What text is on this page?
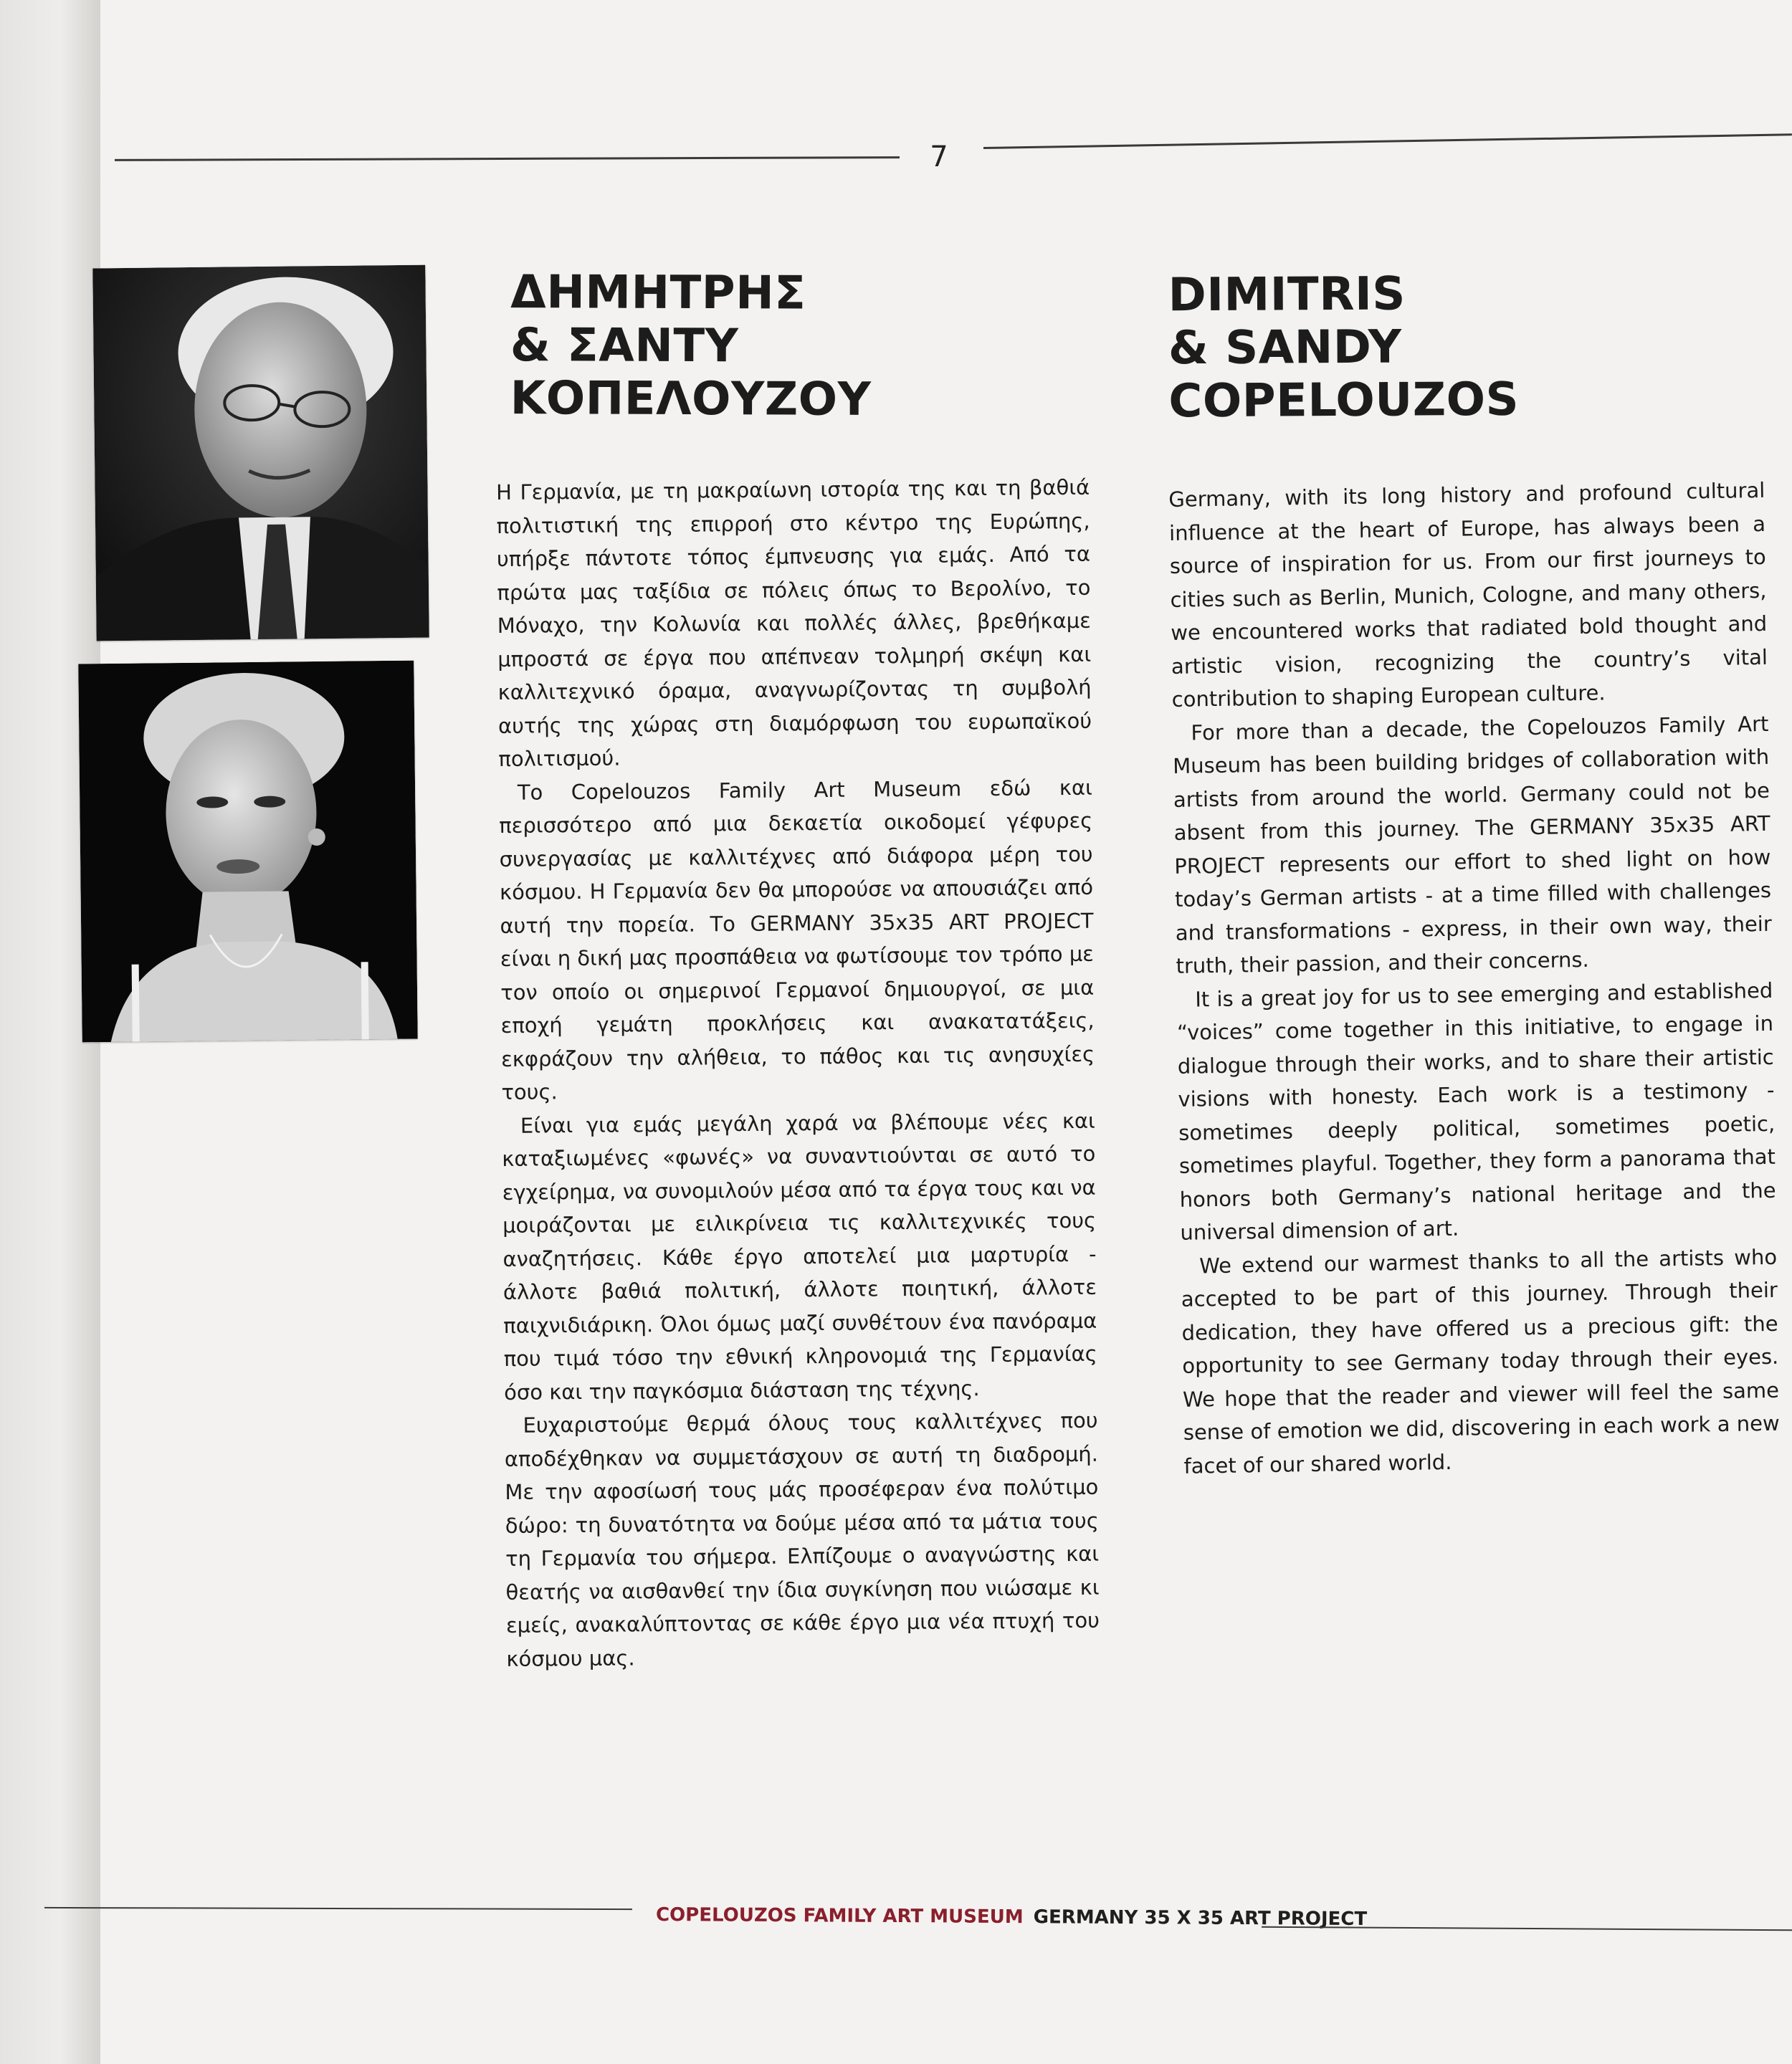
7
ΔΗΜΗΤΡΗΣ
& ΣΑΝΤΥ
ΚΟΠΕΛΟΥΖΟΥ
DIMITRIS
& SANDY
COPELOUZOS

Η Γερμανία, με τη μακραίωνη ιστορία της και τη βαθιά πολιτιστική της επιρροή στο κέντρο της Ευρώπης, υπήρξε πάντοτε τόπος έμπνευσης για εμάς. Από τα πρώτα μας ταξίδια σε πόλεις όπως το Βερολίνο, το Μόναχο, την Κολωνία και πολλές άλλες, βρεθήκαμε μπροστά σε έργα που απέπνεαν τολμηρή σκέψη και καλλιτεχνικό όραμα, αναγνωρίζοντας τη συμβολή αυτής της χώρας στη διαμόρφωση του ευρωπαϊκού πολιτισμού.

Το Copelouzos Family Art Museum εδώ και περισσότερο από μια δεκαετία οικοδομεί γέφυρες συνεργασίας με καλλιτέχνες από διάφορα μέρη του κόσμου. Η Γερμανία δεν θα μπορούσε να απουσιάζει από αυτή την πορεία. Το GERMANY 35x35 ART PROJECT είναι η δική μας προσπάθεια να φωτίσουμε τον τρόπο με τον οποίο οι σημερινοί Γερμανοί δημιουργοί, σε μια εποχή γεμάτη προκλήσεις και ανακατατάξεις, εκφράζουν την αλήθεια, το πάθος και τις ανησυχίες τους.

Είναι για εμάς μεγάλη χαρά να βλέπουμε νέες και καταξιωμένες «φωνές» να συναντιούνται σε αυτό το εγχείρημα, να συνομιλούν μέσα από τα έργα τους και να μοιράζονται με ειλικρίνεια τις καλλιτεχνικές τους αναζητήσεις. Κάθε έργο αποτελεί μια μαρτυρία - άλλοτε βαθιά πολιτική, άλλοτε ποιητική, άλλοτε παιχνιδιάρικη. Όλοι όμως μαζί συνθέτουν ένα πανόραμα που τιμά τόσο την εθνική κληρονομιά της Γερμανίας όσο και την παγκόσμια διάσταση της τέχνης.

Ευχαριστούμε θερμά όλους τους καλλιτέχνες που αποδέχθηκαν να συμμετάσχουν σε αυτή τη διαδρομή. Με την αφοσίωσή τους μάς προσέφεραν ένα πολύτιμο δώρο: τη δυνατότητα να δούμε μέσα από τα μάτια τους τη Γερμανία του σήμερα. Ελπίζουμε ο αναγνώστης και θεατής να αισθανθεί την ίδια συγκίνηση που νιώσαμε κι εμείς, ανακαλύπτοντας σε κάθε έργο μια νέα πτυχή του κόσμου μας.

Germany, with its long history and profound cultural influence at the heart of Europe, has always been a source of inspiration for us. From our first journeys to cities such as Berlin, Munich, Cologne, and many others, we encountered works that radiated bold thought and artistic vision, recognizing the country’s vital contribution to shaping European culture.

For more than a decade, the Copelouzos Family Art Museum has been building bridges of collaboration with artists from around the world. Germany could not be absent from this journey. The GERMANY 35x35 ART PROJECT represents our effort to shed light on how today’s German artists - at a time filled with challenges and transformations - express, in their own way, their truth, their passion, and their concerns.

It is a great joy for us to see emerging and established “voices” come together in this initiative, to engage in dialogue through their works, and to share their artistic visions with honesty. Each work is a testimony - sometimes deeply political, sometimes poetic, sometimes playful. Together, they form a panorama that honors both Germany’s national heritage and the universal dimension of art.

We extend our warmest thanks to all the artists who accepted to be part of this journey. Through their dedication, they have offered us a precious gift: the opportunity to see Germany today through their eyes. We hope that the reader and viewer will feel the same sense of emotion we did, discovering in each work a new facet of our shared world.

COPELOUZOS FAMILY ART MUSEUM GERMANY 35 X 35 ART PROJECT
